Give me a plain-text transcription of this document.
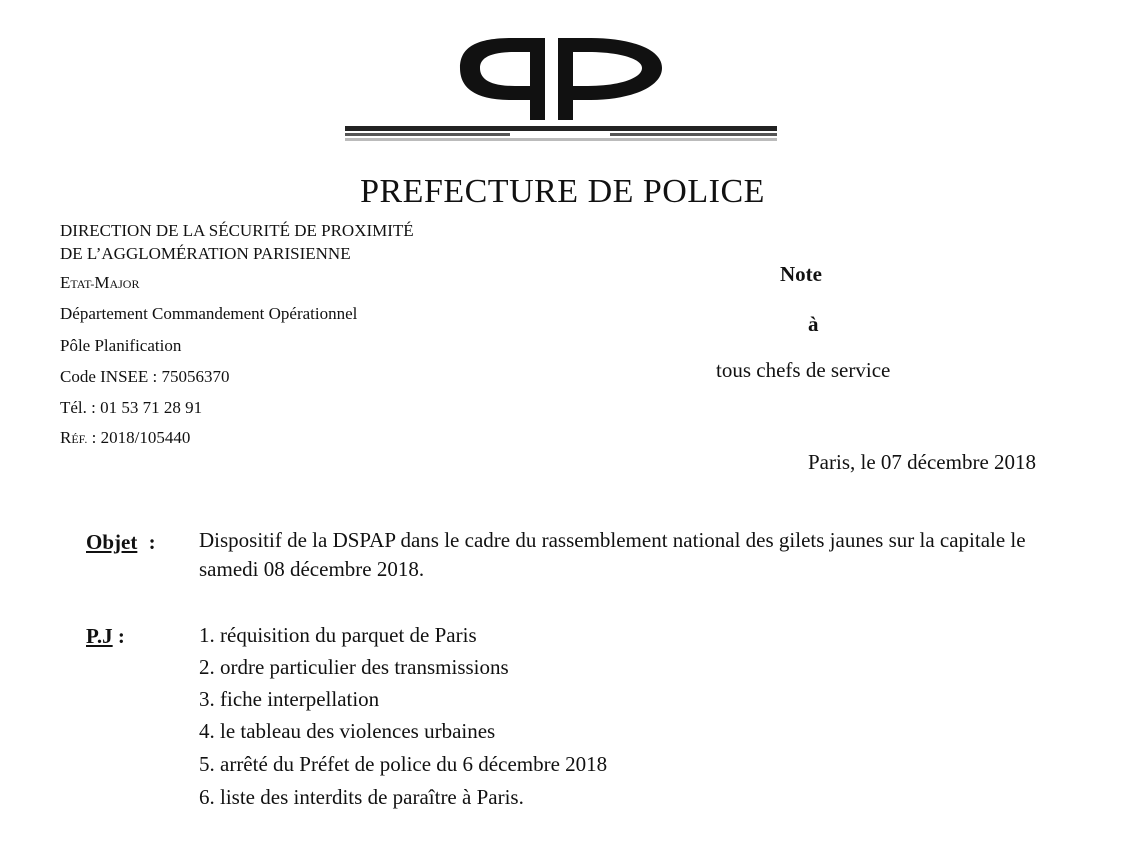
PREFECTURE DE POLICE
DIRECTION DE LA SÉCURITÉ DE PROXIMITÉ
DE L’AGGLOMÉRATION PARISIENNE
ETAT-MAJOR
Département Commandement Opérationnel
Pôle Planification
Code INSEE : 75056370
Tél. : 01 53 71 28 91
RÉF. : 2018/105440
Note
à
tous chefs de service
Paris, le 07 décembre 2018
Objet : Dispositif de la DSPAP dans le cadre du rassemblement national des gilets jaunes sur la capitale le samedi 08 décembre 2018.
P.J :	1. réquisition du parquet de Paris
2. ordre particulier des transmissions
3. fiche interpellation
4. le tableau des violences urbaines
5. arrêté du Préfet de police du 6 décembre 2018
6. liste des interdits de paraître à Paris.
